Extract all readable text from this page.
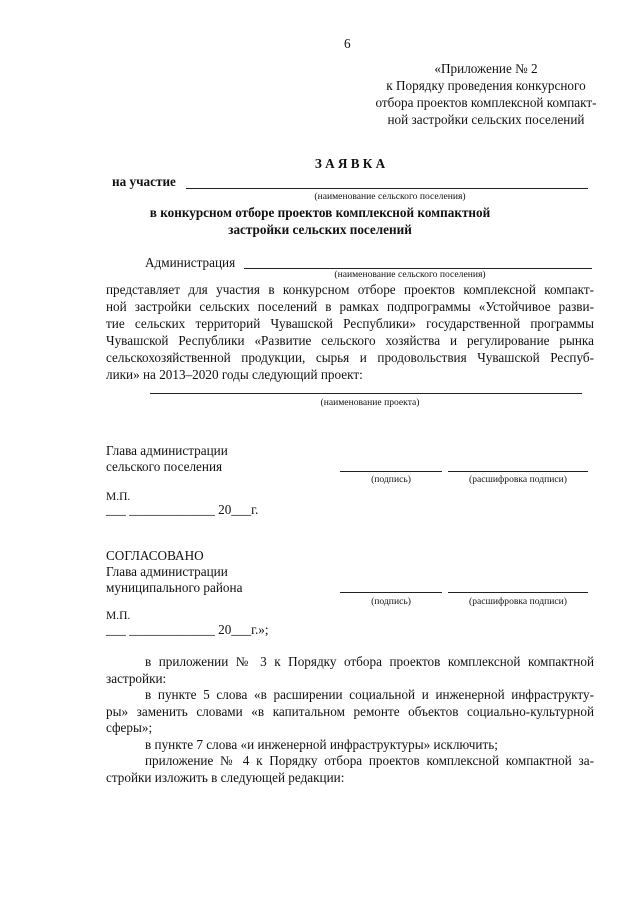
6
«Приложение № 2
к Порядку проведения конкурсного
отбора проектов комплексной компакт-
ной застройки сельских поселений
З А Я В К А
на участие
(наименование сельского поселения)
в конкурсном отборе проектов комплексной компактной
застройки сельских поселений
Администрация
(наименование сельского поселения)
представляет для участия в конкурсном отборе проектов комплексной компакт-
ной застройки сельских поселений в рамках подпрограммы «Устойчивое разви-
тие сельских территорий Чувашской Республики» государственной программы
Чувашской Республики «Развитие сельского хозяйства и регулирование рынка
сельскохозяйственной продукции, сырья и продовольствия Чувашской Респуб-
лики» на 2013–2020 годы следующий проект:
(наименование проекта)
Глава администрации
сельского поселения
(подпись)	(расшифровка подписи)
М.П.
___ _____________ 20___г.
СОГЛАСОВАНО
Глава администрации
муниципального района
(подпись)	(расшифровка подписи)
М.П.
___ _____________ 20___г.»;
в приложении № 3 к Порядку отбора проектов комплексной компактной
застройки:
в пункте 5 слова «в расширении социальной и инженерной инфраструкту-
ры» заменить словами «в капитальном ремонте объектов социально-культурной
сферы»;
в пункте 7 слова «и инженерной инфраструктуры» исключить;
приложение № 4 к Порядку отбора проектов комплексной компактной за-
стройки изложить в следующей редакции:
